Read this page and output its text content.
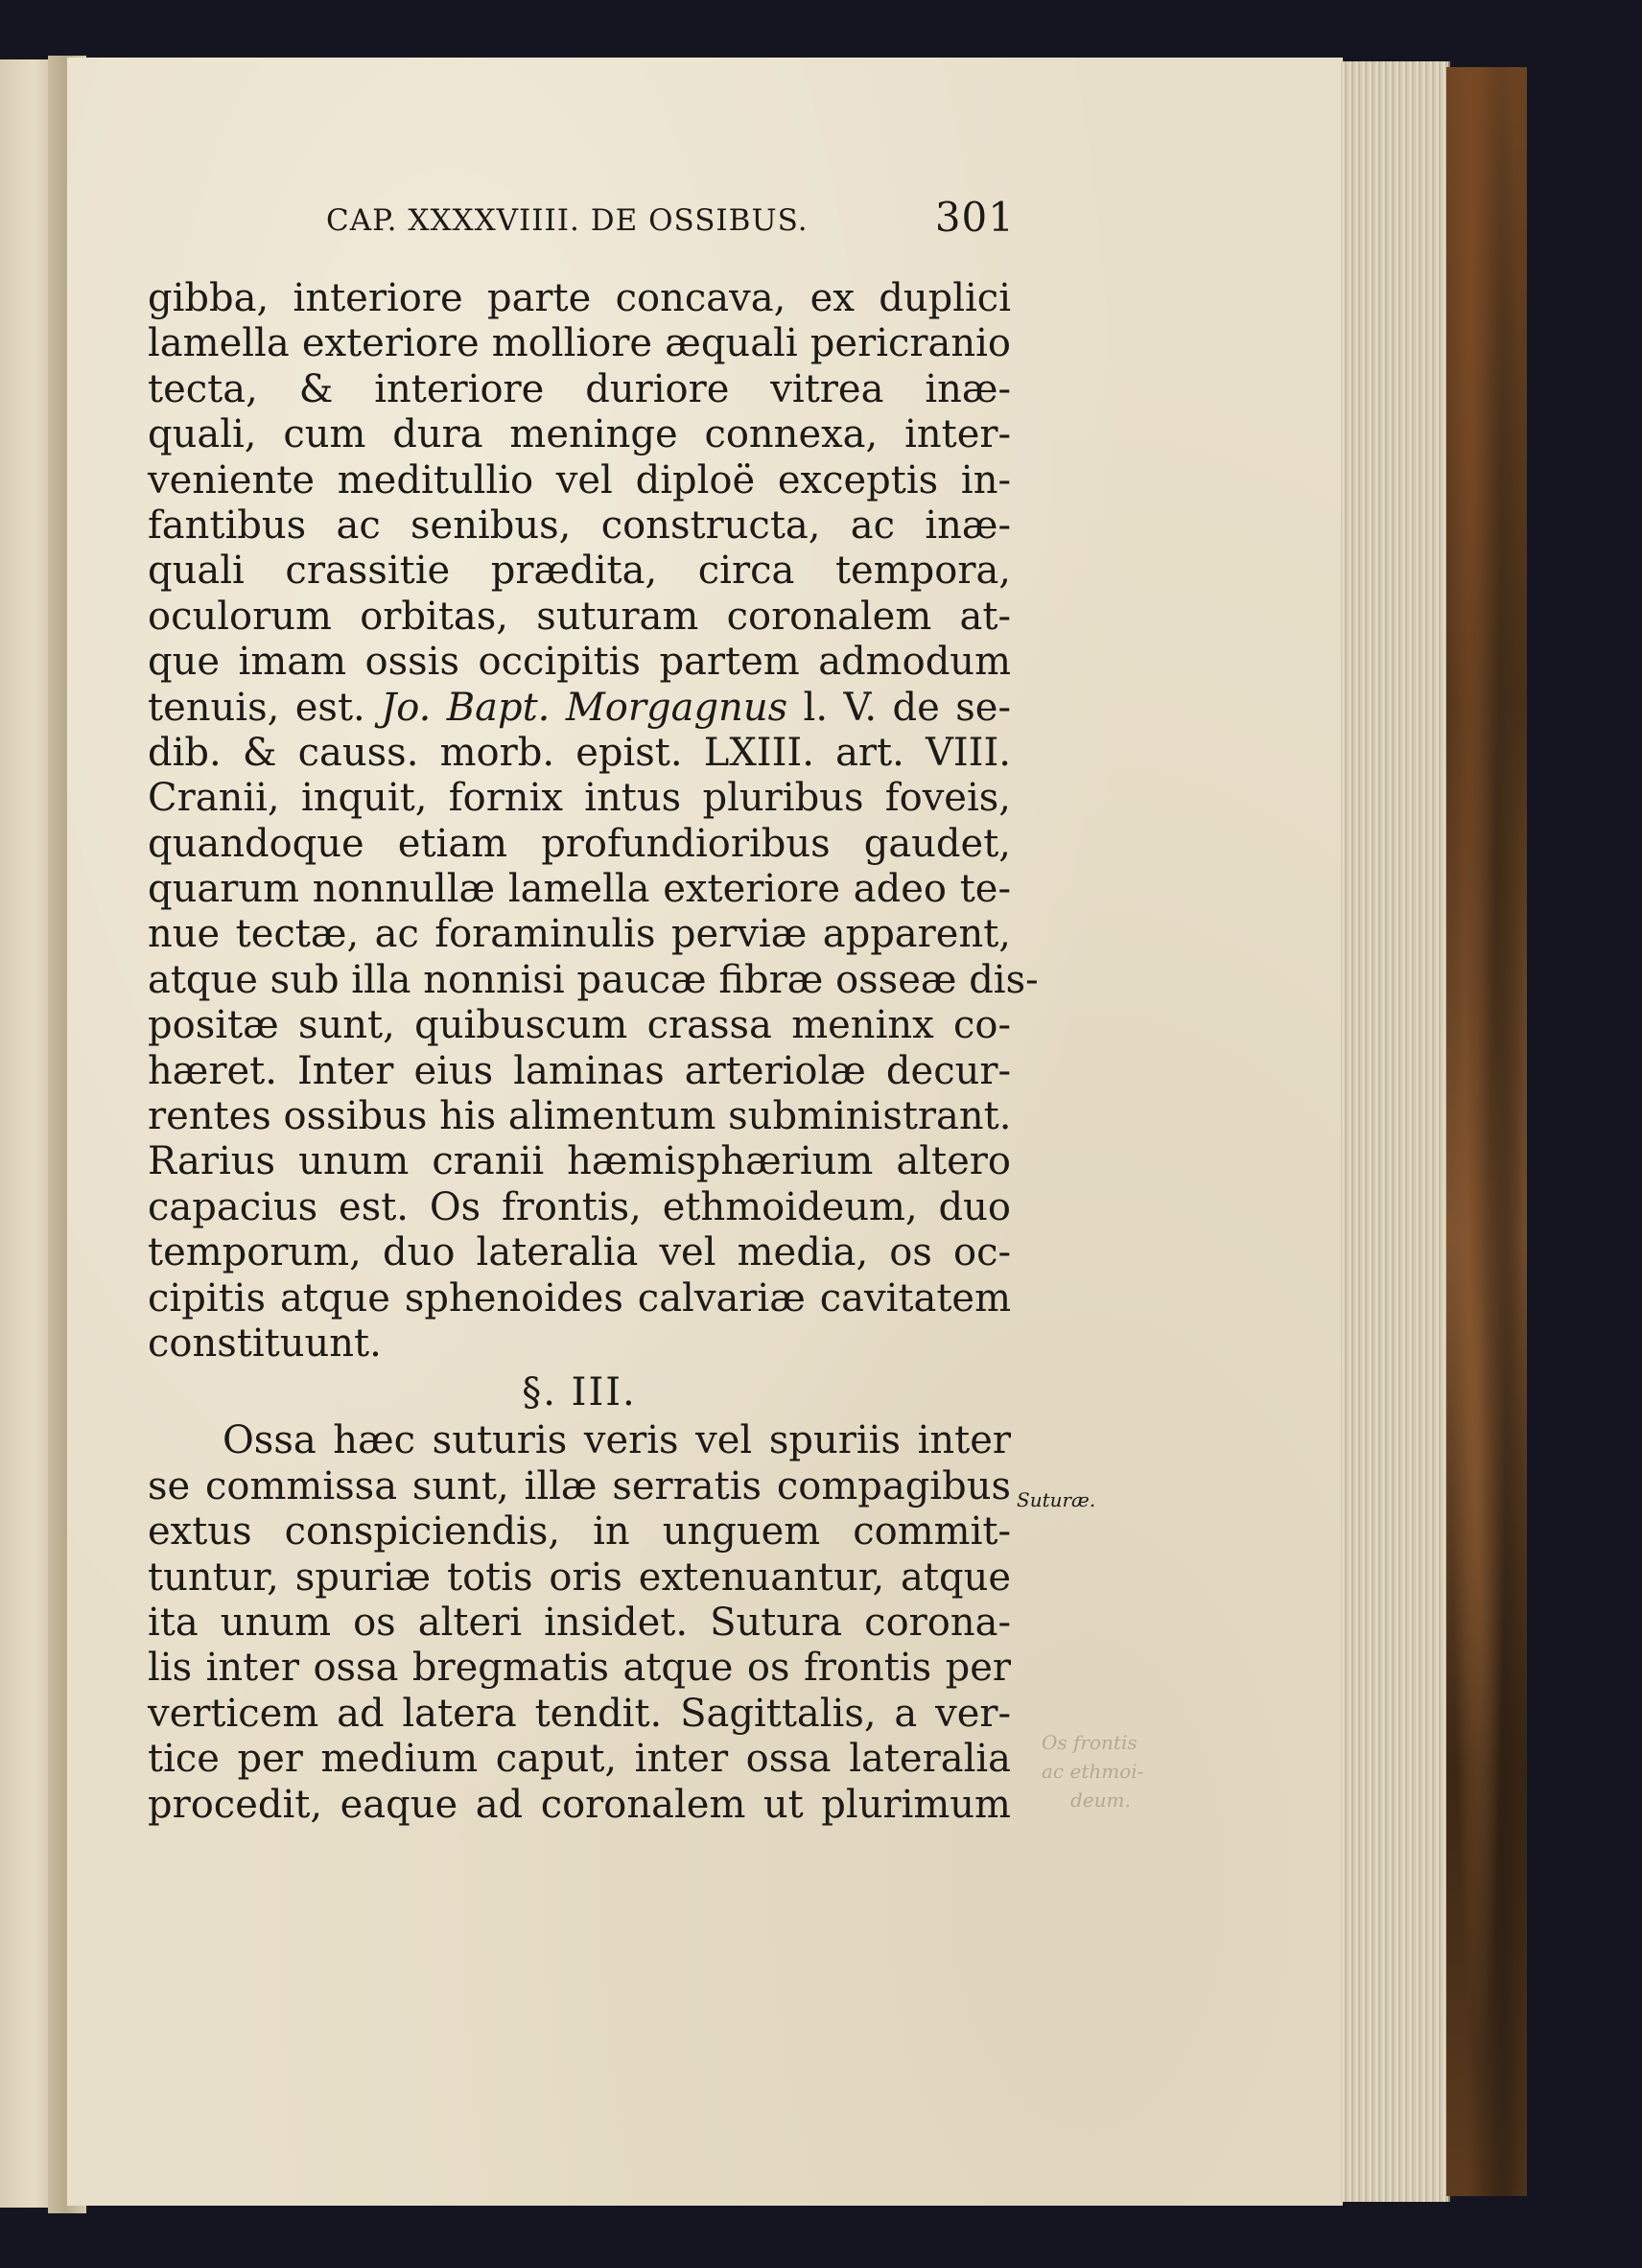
CAP. XXXXVIIII. DE OSSIBUS.	301
gibba, interiore parte concava, ex duplici
lamella exteriore molliore æquali pericranio
tecta, & interiore duriore vitrea inæ-
quali, cum dura meninge connexa, inter-
veniente meditullio vel diploë exceptis in-
fantibus ac senibus, constructa, ac inæ-
quali crassitie prædita, circa tempora,
oculorum orbitas, suturam coronalem at-
que imam ossis occipitis partem admodum
tenuis, est. Jo. Bapt. Morgagnus l. V. de se-
dib. & causs. morb. epist. LXIII. art. VIII.
Cranii, inquit, fornix intus pluribus foveis,
quandoque etiam profundioribus gaudet,
quarum nonnullæ lamella exteriore adeo te-
nue tectæ, ac foraminulis perviæ apparent,
atque sub illa nonnisi paucæ fibræ osseæ dis-
positæ sunt, quibuscum crassa meninx co-
hæret. Inter eius laminas arteriolæ decur-
rentes ossibus his alimentum subministrant.
Rarius unum cranii hæmisphærium altero
capacius est. Os frontis, ethmoideum, duo
temporum, duo lateralia vel media, os oc-
cipitis atque sphenoides calvariæ cavitatem
constituunt.
§. III.
Ossa hæc suturis veris vel spuriis inter
se commissa sunt, illæ serratis compagibus
extus conspiciendis, in unguem commit-
tuntur, spuriæ totis oris extenuantur, atque
ita unum os alteri insidet. Sutura corona-
lis inter ossa bregmatis atque os frontis per
verticem ad latera tendit. Sagittalis, a ver-
tice per medium caput, inter ossa lateralia
procedit, eaque ad coronalem ut plurimum
Suturæ.
Os frontis
ac ethmoi-
deum.
